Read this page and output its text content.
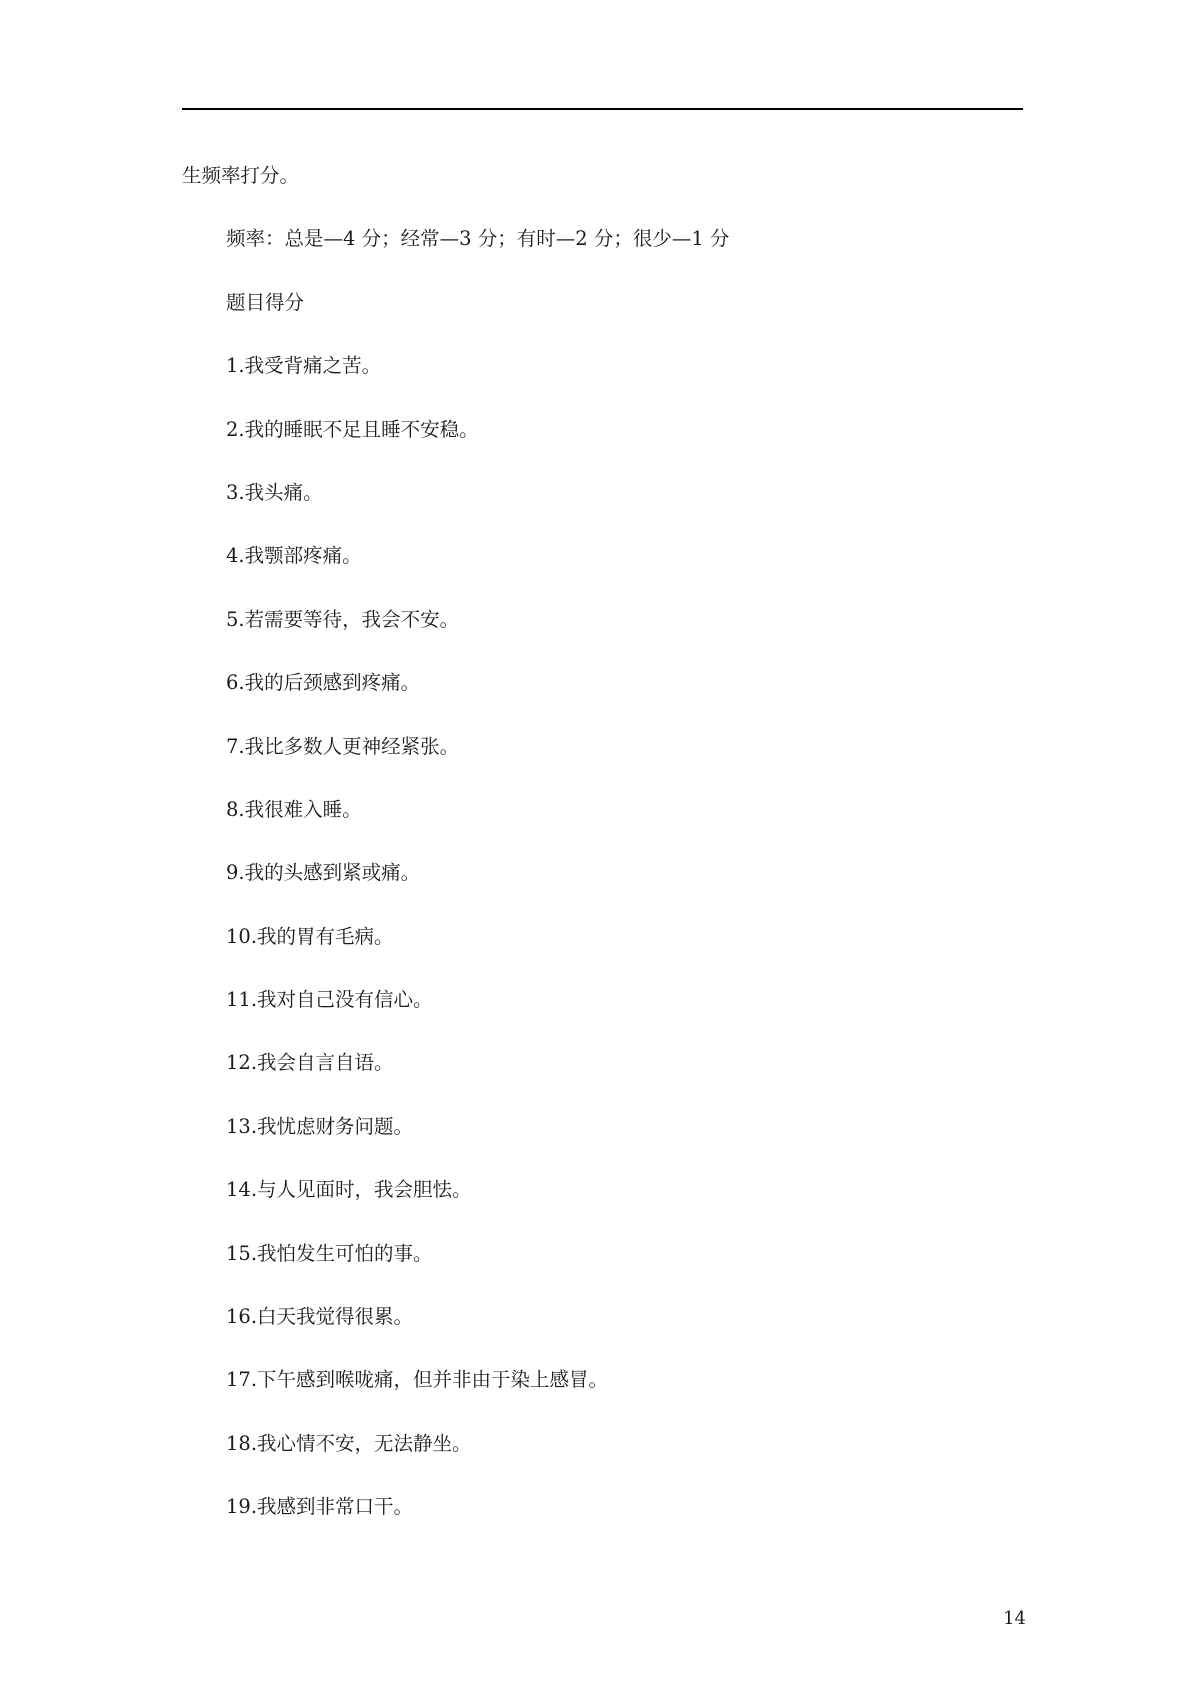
生频率打分。

频率：总是—4 分；经常—3 分；有时—2 分；很少—1 分

题目得分

1.我受背痛之苦。

2.我的睡眠不足且睡不安稳。

3.我头痛。

4.我颚部疼痛。

5.若需要等待，我会不安。

6.我的后颈感到疼痛。

7.我比多数人更神经紧张。

8.我很难入睡。

9.我的头感到紧或痛。

10.我的胃有毛病。

11.我对自己没有信心。

12.我会自言自语。

13.我忧虑财务问题。

14.与人见面时，我会胆怯。

15.我怕发生可怕的事。

16.白天我觉得很累。

17.下午感到喉咙痛，但并非由于染上感冒。

18.我心情不安，无法静坐。

19.我感到非常口干。

14
